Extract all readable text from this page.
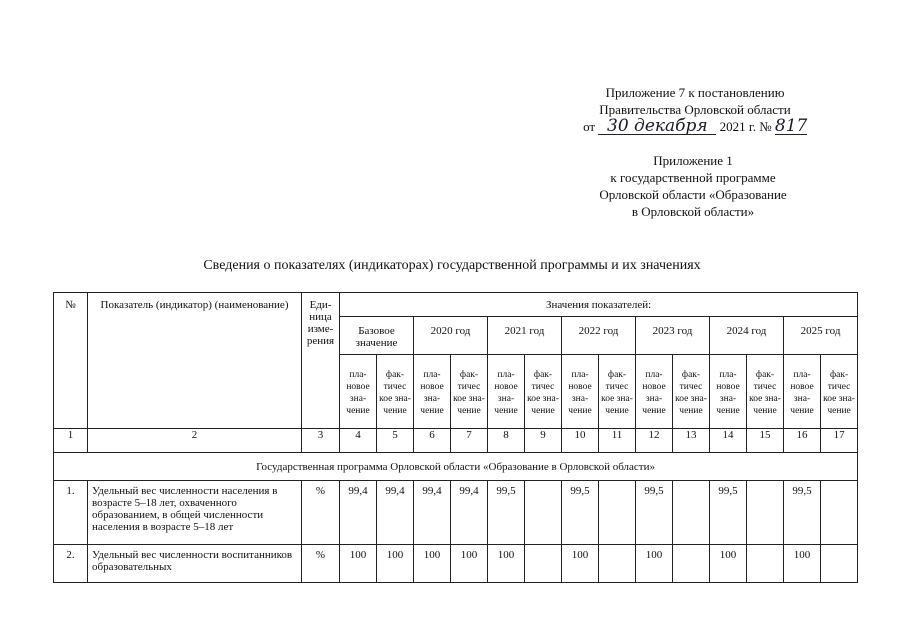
Приложение 7 к постановлению
Правительства Орловской области
от 30 декабря 2021 г. № 817
Приложение 1
к государственной программе
Орловской области «Образование
в Орловской области»
Сведения о показателях (индикаторах) государственной программы и их значениях
№	Показатель (индикатор) (наименование)	Еди-ница изме-рения	Значения показателей:													
			Базовое значение		2020 год		2021 год		2022 год		2023 год		2024 год		2025 год	
			пла-новое зна-чение	фак-тичес кое зна-чение	пла-новое зна-чение	фак-тичес кое зна-чение	пла-новое зна-чение	фак-тичес кое зна-чение	пла-новое зна-чение	фак-тичес кое зна-чение	пла-новое зна-чение	фак-тичес кое зна-чение	пла-новое зна-чение	фак-тичес кое зна-чение	пла-новое зна-чение	фак-тичес кое зна-чение
1	2	3	4	5	6	7	8	9	10	11	12	13	14	15	16	17
Государственная программа Орловской области «Образование в Орловской области»																
1.	Удельный вес численности населения в возрасте 5–18 лет, охваченного образованием, в общей численности населения в возрасте 5–18 лет	%	99,4	99,4	99,4	99,4	99,5		99,5		99,5		99,5		99,5	
2.	Удельный вес численности воспитанников образовательных	%	100	100	100	100	100		100		100		100		100	
